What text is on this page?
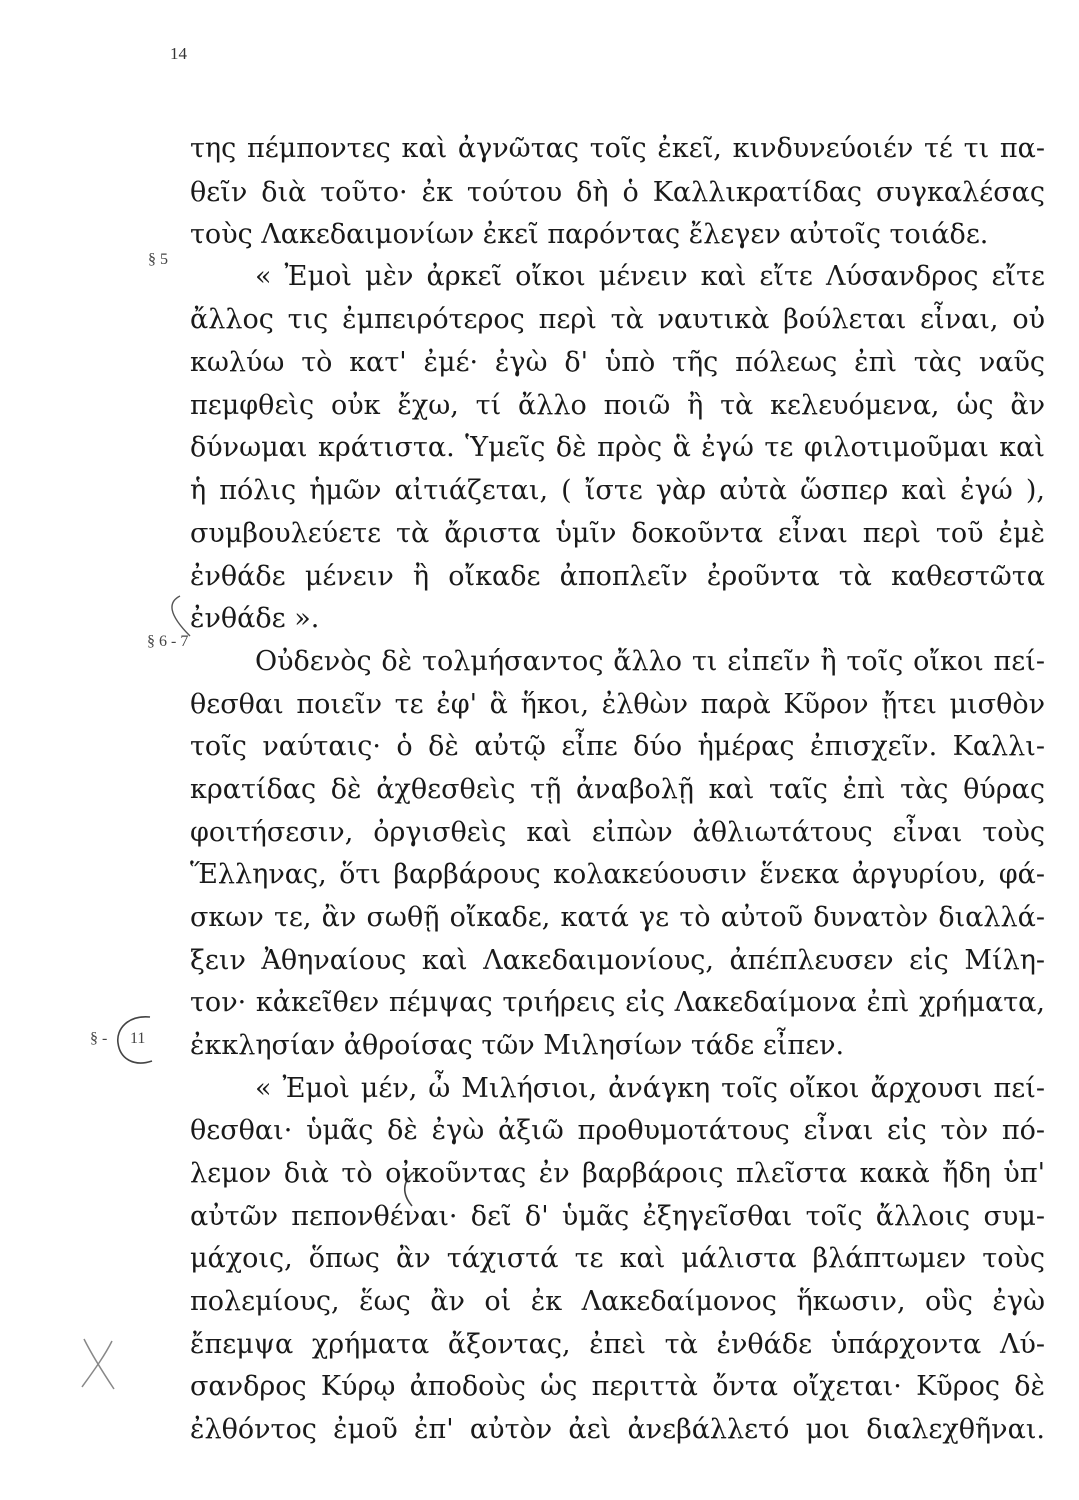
14
§ 5
§ 6 - 7
§ - 11
της πέμποντες καὶ ἀγνῶτας τοῖς ἐκεῖ, κινδυνεύοιέν τέ τι πα-
θεῖν διὰ τοῦτο· ἐκ τούτου δὴ ὁ Καλλικρατίδας συγκαλέσας
τοὺς Λακεδαιμονίων ἐκεῖ παρόντας ἔλεγεν αὐτοῖς τοιάδε.
« Ἐμοὶ μὲν ἀρκεῖ οἴκοι μένειν καὶ εἴτε Λύσανδρος εἴτε
ἄλλος τις ἐμπειρότερος περὶ τὰ ναυτικὰ βούλεται εἶναι, οὐ
κωλύω τὸ κατ' ἐμέ· ἐγὼ δ' ὑπὸ τῆς πόλεως ἐπὶ τὰς ναῦς
πεμφθεὶς οὐκ ἔχω, τί ἄλλο ποιῶ ἢ τὰ κελευόμενα, ὡς ἂν
δύνωμαι κράτιστα. Ὑμεῖς δὲ πρὸς ἃ ἐγώ τε φιλοτιμοῦμαι καὶ
ἡ πόλις ἡμῶν αἰτιάζεται, ( ἴστε γὰρ αὐτὰ ὥσπερ καὶ ἐγώ ),
συμβουλεύετε τὰ ἄριστα ὑμῖν δοκοῦντα εἶναι περὶ τοῦ ἐμὲ
ἐνθάδε μένειν ἢ οἴκαδε ἀποπλεῖν ἐροῦντα τὰ καθεστῶτα
ἐνθάδε ».
Οὐδενὸς δὲ τολμήσαντος ἄλλο τι εἰπεῖν ἢ τοῖς οἴκοι πεί-
θεσθαι ποιεῖν τε ἐφ' ἃ ἥκοι, ἐλθὼν παρὰ Κῦρον ᾔτει μισθὸν
τοῖς ναύταις· ὁ δὲ αὐτῷ εἶπε δύο ἡμέρας ἐπισχεῖν. Καλλι-
κρατίδας δὲ ἀχθεσθεὶς τῇ ἀναβολῇ καὶ ταῖς ἐπὶ τὰς θύρας
φοιτήσεσιν, ὀργισθεὶς καὶ εἰπὼν ἀθλιωτάτους εἶναι τοὺς
Ἕλληνας, ὅτι βαρβάρους κολακεύουσιν ἕνεκα ἀργυρίου, φά-
σκων τε, ἂν σωθῇ οἴκαδε, κατά γε τὸ αὐτοῦ δυνατὸν διαλλά-
ξειν Ἀθηναίους καὶ Λακεδαιμονίους, ἀπέπλευσεν εἰς Μίλη-
τον· κἀκεῖθεν πέμψας τριήρεις εἰς Λακεδαίμονα ἐπὶ χρήματα,
ἐκκλησίαν ἀθροίσας τῶν Μιλησίων τάδε εἶπεν.
« Ἐμοὶ μέν, ὦ Μιλήσιοι, ἀνάγκη τοῖς οἴκοι ἄρχουσι πεί-
θεσθαι· ὑμᾶς δὲ ἐγὼ ἀξιῶ προθυμοτάτους εἶναι εἰς τὸν πό-
λεμον διὰ τὸ οἰκοῦντας ἐν βαρβάροις πλεῖστα κακὰ ἤδη ὑπ'
αὐτῶν πεπονθέναι· δεῖ δ' ὑμᾶς ἐξηγεῖσθαι τοῖς ἄλλοις συμ-
μάχοις, ὅπως ἂν τάχιστά τε καὶ μάλιστα βλάπτωμεν τοὺς
πολεμίους, ἕως ἂν οἱ ἐκ Λακεδαίμονος ἥκωσιν, οὓς ἐγὼ
ἔπεμψα χρήματα ἄξοντας, ἐπεὶ τὰ ἐνθάδε ὑπάρχοντα Λύ-
σανδρος Κύρῳ ἀποδοὺς ὡς περιττὰ ὄντα οἴχεται· Κῦρος δὲ
ἐλθόντος ἐμοῦ ἐπ' αὐτὸν ἀεὶ ἀνεβάλλετό μοι διαλεχθῆναι.
